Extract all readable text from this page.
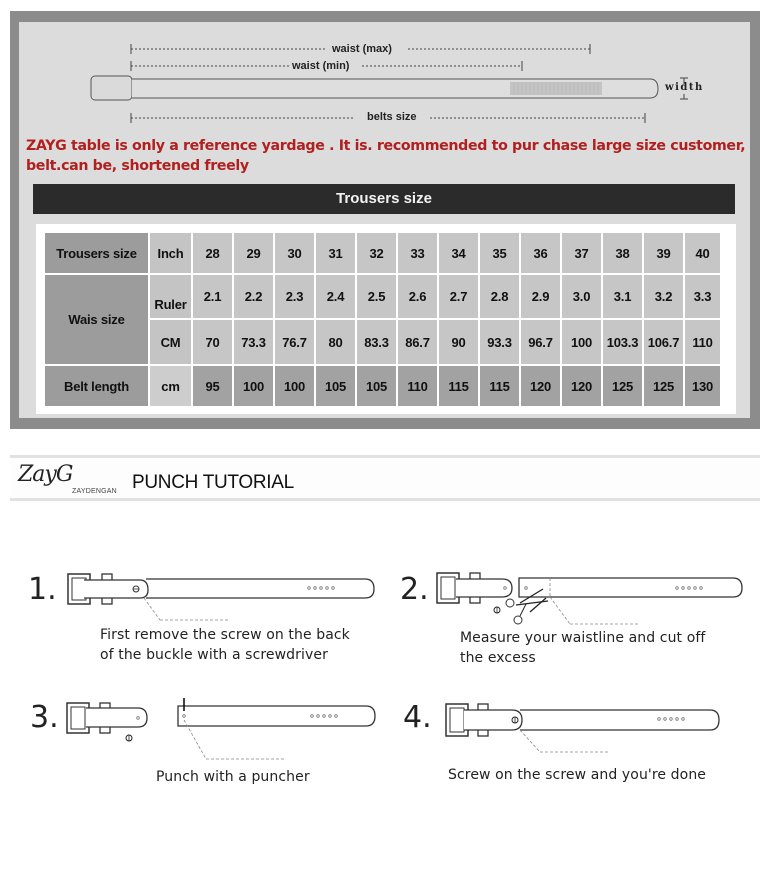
waist (max)
waist (min)
belts size
width
ZAYG table is only a reference yardage . It is. recommended to pur chase large size customer,
belt.can be, shortened freely
Trousers size
Trousers size	Inch	28	29	30	31	32	33	34	35	36	37	38	39	40
Wais size	Ruler	2.1	2.2	2.3	2.4	2.5	2.6	2.7	2.8	2.9	3.0	3.1	3.2	3.3
	CM	70	73.3	76.7	80	83.3	86.7	90	93.3	96.7	100	103.3	106.7	110
Belt length	cm	95	100	100	105	105	110	115	115	120	120	125	125	130
ZayG
ZAYDENGAN PUNCH TUTORIAL
1.
First remove the screw on the back
of the buckle with a screwdriver
2.
Measure your waistline and cut off
the excess
3.
Punch with a puncher
4.
Screw on the screw and you're done
